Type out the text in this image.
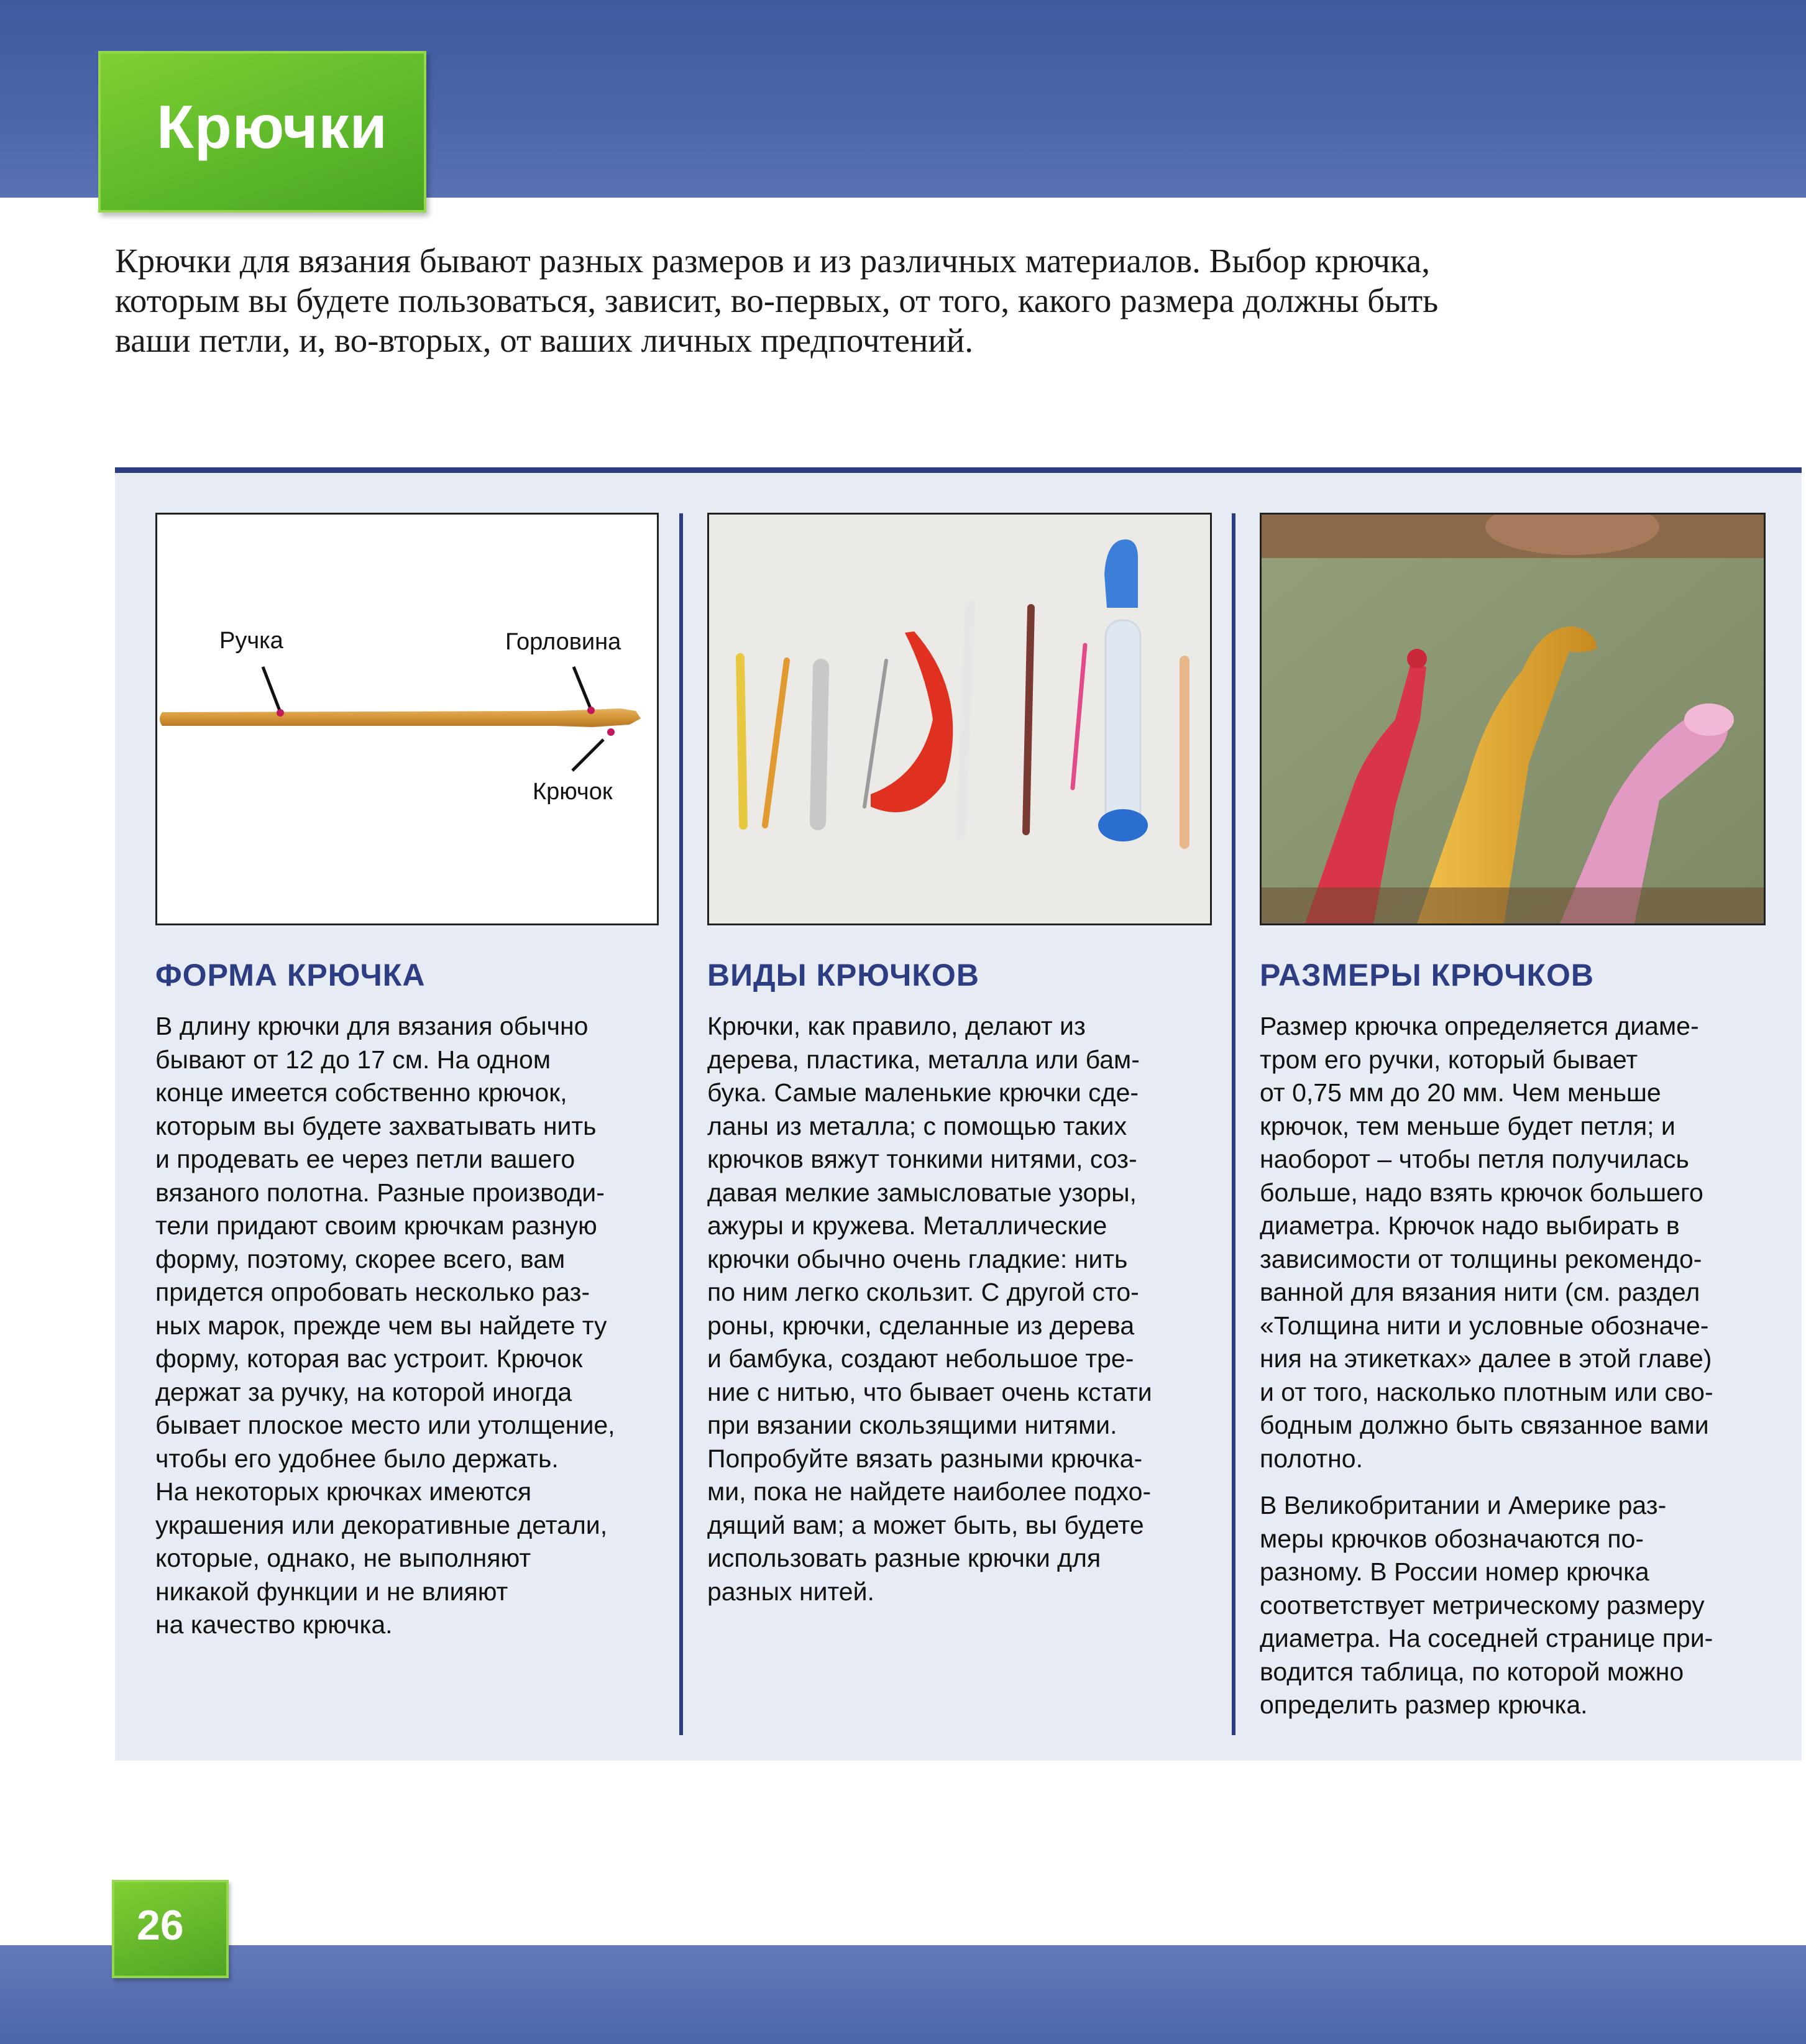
Крючки

Крючки для вязания бывают разных размеров и из различных материалов. Выбор крючка,

которым вы будете пользоваться, зависит, во-первых, от того, какого размера должны быть

ваши петли, и, во-вторых, от ваших личных предпочтений.

Ручка	Горловина
Крючок
ФОРМА КРЮЧКА

В длину крючки для вязания обычно

бывают от 12 до 17 см. На одном

конце имеется собственно крючок,

которым вы будете захватывать нить

и продевать ее через петли вашего

вязаного полотна. Разные производи-

тели придают своим крючкам разную

форму, поэтому, скорее всего, вам

придется опробовать несколько раз-

ных марок, прежде чем вы найдете ту

форму, которая вас устроит. Крючок

держат за ручку, на которой иногда

бывает плоское место или утолщение,

чтобы его удобнее было держать.

На некоторых крючках имеются

украшения или декоративные детали,

которые, однако, не выполняют

никакой функции и не влияют

на качество крючка.

ВИДЫ КРЮЧКОВ

Крючки, как правило, делают из

дерева, пластика, металла или бам-

бука. Самые маленькие крючки сде-

ланы из металла; с помощью таких

крючков вяжут тонкими нитями, соз-

давая мелкие замысловатые узоры,

ажуры и кружева. Металлические

крючки обычно очень гладкие: нить

по ним легко скользит. С другой сто-

роны, крючки, сделанные из дерева

и бамбука, создают небольшое тре-

ние с нитью, что бывает очень кстати

при вязании скользящими нитями.

Попробуйте вязать разными крючка-

ми, пока не найдете наиболее подхо-

дящий вам; а может быть, вы будете

использовать разные крючки для

разных нитей.

РАЗМЕРЫ КРЮЧКОВ

Размер крючка определяется диаме-

тром его ручки, который бывает

от 0,75 мм до 20 мм. Чем меньше

крючок, тем меньше будет петля; и

наоборот – чтобы петля получилась

больше, надо взять крючок большего

диаметра. Крючок надо выбирать в

зависимости от толщины рекомендо-

ванной для вязания нити (см. раздел

«Толщина нити и условные обозначе-

ния на этикетках» далее в этой главе)

и от того, насколько плотным или сво-

бодным должно быть связанное вами

полотно.

В Великобритании и Америке раз-

меры крючков обозначаются по-

разному. В России номер крючка

соответствует метрическому размеру

диаметра. На соседней странице при-

водится таблица, по которой можно

определить размер крючка.

26
